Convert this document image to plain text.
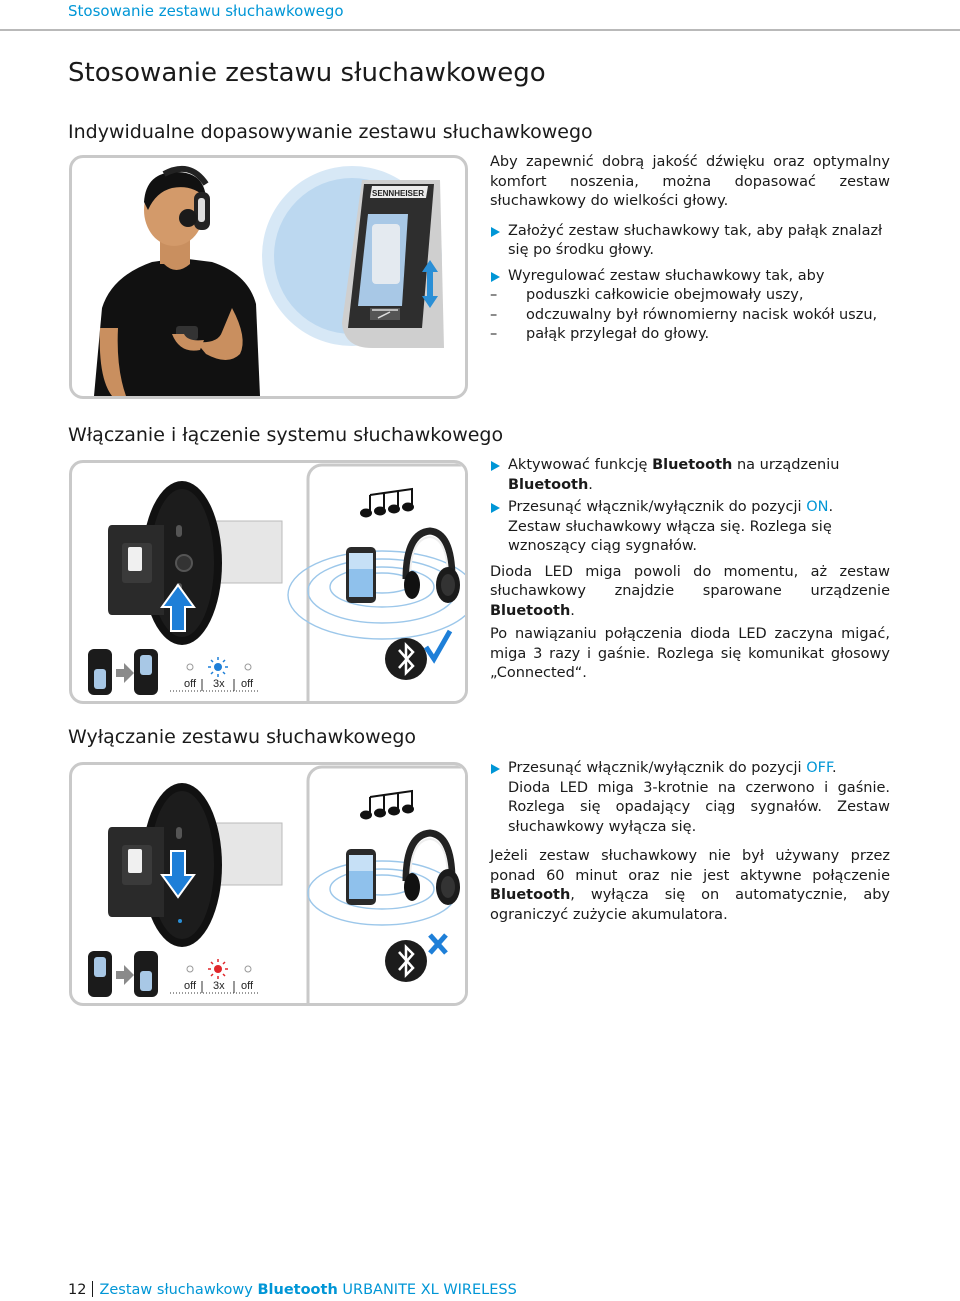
Stosowanie zestawu słuchawkowego
Stosowanie zestawu słuchawkowego
Indywidualne dopasowywanie zestawu słuchawkowego
SENNHEISER

Aby zapewnić dobrą jakość dźwięku oraz optymalny komfort noszenia, można dopasować zestaw słuchawkowy do wielkości głowy.

Założyć zestaw słuchawkowy tak, aby pałąk znalazł się po środku głowy.
Wyregulować zestaw słuchawkowy tak, aby
– poduszki całkowicie obejmowały uszy,
– odczuwalny był równomierny nacisk wokół uszu,
– pałąk przylegał do głowy.
Włączanie i łączenie systemu słuchawkowego
off 3x off
Aktywować funkcję Bluetooth na urządzeniu Bluetooth.
Przesunąć włącznik/wyłącznik do pozycji ON.
Zestaw słuchawkowy włącza się. Rozlega się wznoszący ciąg sygnałów.

Dioda LED miga powoli do momentu, aż zestaw słuchawkowy znajdzie sparowane urządzenie Bluetooth.

Po nawiązaniu połączenia dioda LED zaczyna migać, miga 3 razy i gaśnie. Rozlega się komunikat głosowy „Connected“.

Wyłączanie zestawu słuchawkowego
off 3x off
Przesunąć włącznik/wyłącznik do pozycji OFF.

Dioda LED miga 3-krotnie na czerwono i gaśnie. Rozlega się opadający ciąg sygnałów. Zestaw słuchawkowy wyłącza się.

Jeżeli zestaw słuchawkowy nie był używany przez ponad 60 minut oraz nie jest aktywne połączenie Bluetooth, wyłącza się on automatycznie, aby ograniczyć zużycie akumulatora.

12 Zestaw słuchawkowy Bluetooth URBANITE XL WIRELESS
